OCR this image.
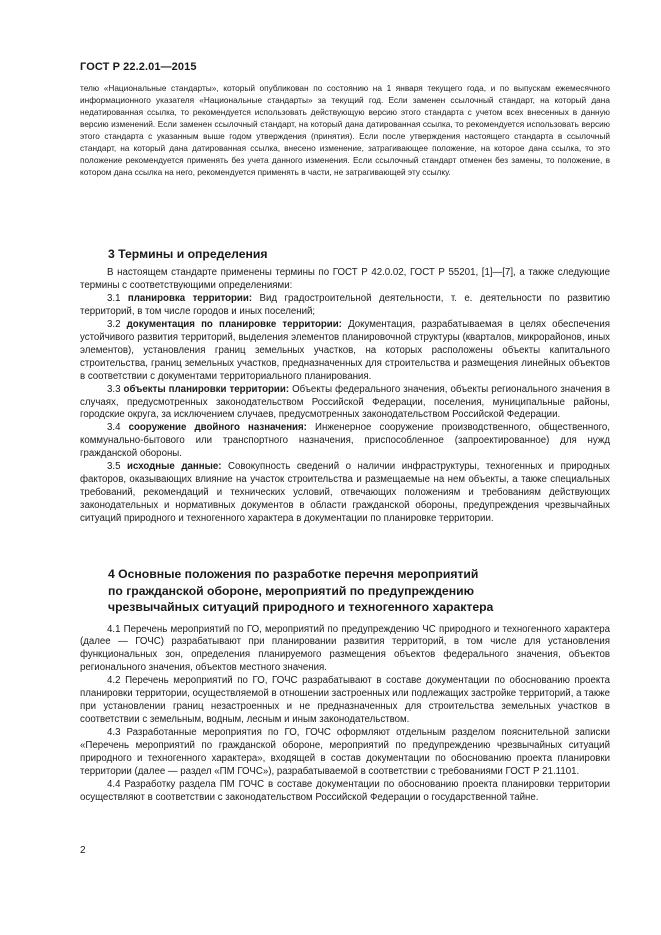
ГОСТ Р 22.2.01—2015

телю «Национальные стандарты», который опубликован по состоянию на 1 января текущего года, и по выпускам ежемесячного информационного указателя «Национальные стандарты» за текущий год. Если заменен ссылочный стандарт, на который дана недатированная ссылка, то рекомендуется использовать действующую версию этого стандарта с учетом всех внесенных в данную версию изменений. Если заменен ссылочный стандарт, на который дана датированная ссылка, то рекомендуется использовать версию этого стандарта с указанным выше годом утверждения (принятия). Если после утверждения настоящего стандарта в ссылочный стандарт, на который дана датированная ссылка, внесено изменение, затрагивающее положение, на которое дана ссылка, то это положение рекомендуется применять без учета данного изменения. Если ссылочный стандарт отменен без замены, то положение, в котором дана ссылка на него, рекомендуется применять в части, не затрагивающей эту ссылку.

3 Термины и определения

В настоящем стандарте применены термины по ГОСТ Р 42.0.02, ГОСТ Р 55201, [1]—[7], а также следующие термины с соответствующими определениями:

3.1 планировка территории: Вид градостроительной деятельности, т. е. деятельности по развитию территорий, в том числе городов и иных поселений;

3.2 документация по планировке территории: Документация, разрабатываемая в целях обеспечения устойчивого развития территорий, выделения элементов планировочной структуры (кварталов, микрорайонов, иных элементов), установления границ земельных участков, на которых расположены объекты капитального строительства, границ земельных участков, предназначенных для строительства и размещения линейных объектов в соответствии с документами территориального планирования.

3.3 объекты планировки территории: Объекты федерального значения, объекты регионального значения в случаях, предусмотренных законодательством Российской Федерации, поселения, муниципальные районы, городские округа, за исключением случаев, предусмотренных законодательством Российской Федерации.

3.4 сооружение двойного назначения: Инженерное сооружение производственного, общественного, коммунально-бытового или транспортного назначения, приспособленное (запроектированное) для нужд гражданской обороны.

3.5 исходные данные: Совокупность сведений о наличии инфраструктуры, техногенных и природных факторов, оказывающих влияние на участок строительства и размещаемые на нем объекты, а также специальных требований, рекомендаций и технических условий, отвечающих положениям и требованиям действующих законодательных и нормативных документов в области гражданской обороны, предупреждения чрезвычайных ситуаций природного и техногенного характера в документации по планировке территории.

4 Основные положения по разработке перечня мероприятий
по гражданской обороне, мероприятий по предупреждению
чрезвычайных ситуаций природного и техногенного характера

4.1 Перечень мероприятий по ГО, мероприятий по предупреждению ЧС природного и техногенного характера (далее — ГОЧС) разрабатывают при планировании развития территорий, в том числе для установления функциональных зон, определения планируемого размещения объектов федерального значения, объектов регионального значения, объектов местного значения.

4.2 Перечень мероприятий по ГО, ГОЧС разрабатывают в составе документации по обоснованию проекта планировки территории, осуществляемой в отношении застроенных или подлежащих застройке территорий, а также при установлении границ незастроенных и не предназначенных для строительства земельных участков в соответствии с земельным, водным, лесным и иным законодательством.

4.3 Разработанные мероприятия по ГО, ГОЧС оформляют отдельным разделом пояснительной записки «Перечень мероприятий по гражданской обороне, мероприятий по предупреждению чрезвычайных ситуаций природного и техногенного характера», входящей в состав документации по обоснованию проекта планировки территории (далее — раздел «ПМ ГОЧС»), разрабатываемой в соответствии с требованиями ГОСТ Р 21.1101.

4.4 Разработку раздела ПМ ГОЧС в составе документации по обоснованию проекта планировки территории осуществляют в соответствии с законодательством Российской Федерации о государственной тайне.

2
